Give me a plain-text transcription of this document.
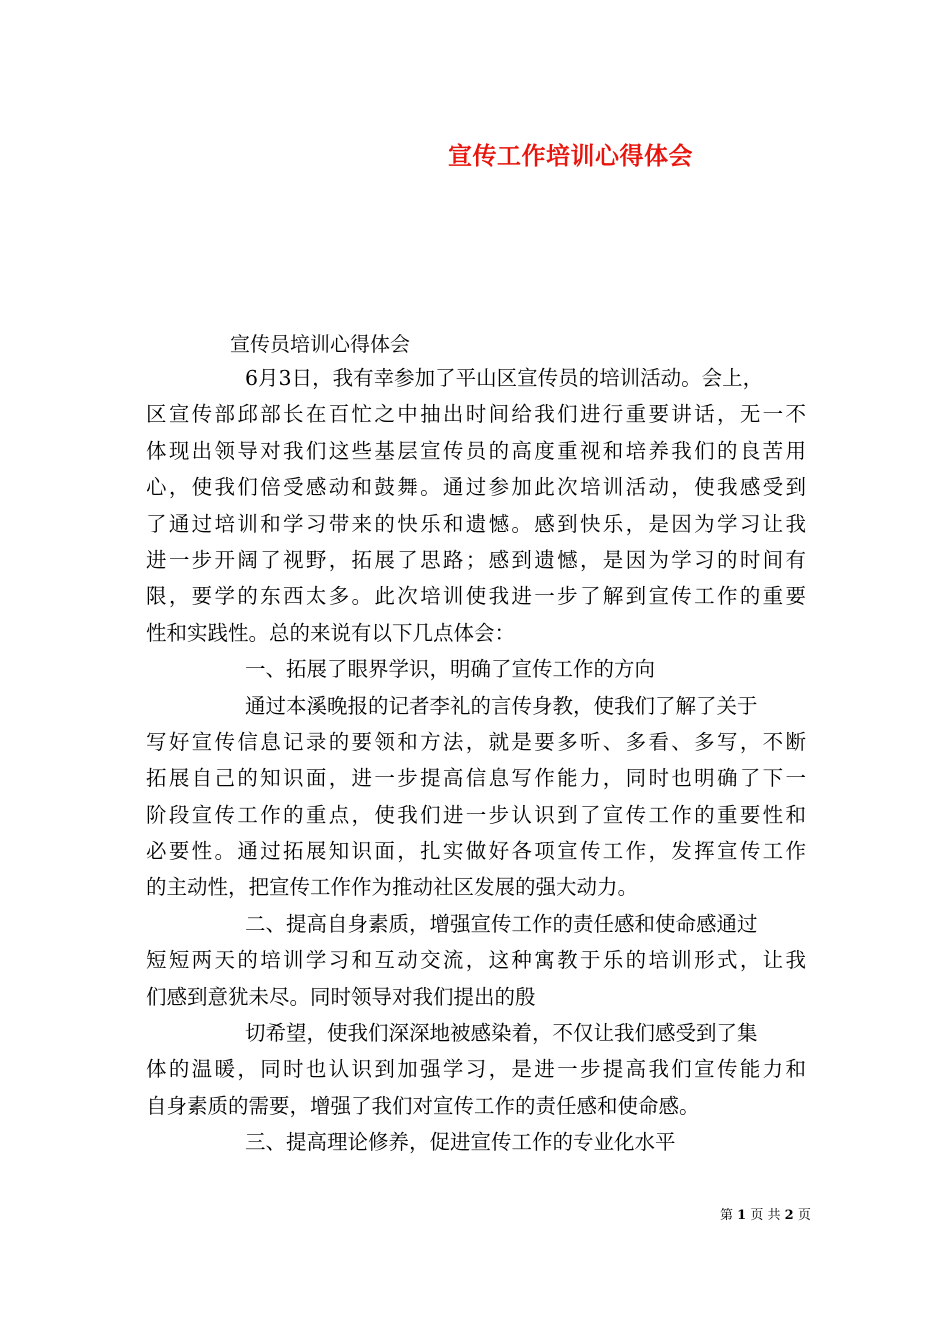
宣传工作培训心得体会
宣传员培训心得体会
6月3日，我有幸参加了平山区宣传员的培训活动。会上，
区宣传部邱部长在百忙之中抽出时间给我们进行重要讲话，无一不
体现出领导对我们这些基层宣传员的高度重视和培养我们的良苦用
心，使我们倍受感动和鼓舞。通过参加此次培训活动，使我感受到
了通过培训和学习带来的快乐和遗憾。感到快乐，是因为学习让我
进一步开阔了视野，拓展了思路；感到遗憾，是因为学习的时间有
限，要学的东西太多。此次培训使我进一步了解到宣传工作的重要
性和实践性。总的来说有以下几点体会：
一、拓展了眼界学识，明确了宣传工作的方向
通过本溪晚报的记者李礼的言传身教，使我们了解了关于
写好宣传信息记录的要领和方法，就是要多听、多看、多写，不断
拓展自己的知识面，进一步提高信息写作能力，同时也明确了下一
阶段宣传工作的重点，使我们进一步认识到了宣传工作的重要性和
必要性。通过拓展知识面，扎实做好各项宣传工作，发挥宣传工作
的主动性，把宣传工作作为推动社区发展的强大动力。
二、提高自身素质，增强宣传工作的责任感和使命感通过
短短两天的培训学习和互动交流，这种寓教于乐的培训形式，让我
们感到意犹未尽。同时领导对我们提出的殷
切希望，使我们深深地被感染着，不仅让我们感受到了集
体的温暖，同时也认识到加强学习，是进一步提高我们宣传能力和
自身素质的需要，增强了我们对宣传工作的责任感和使命感。
三、提高理论修养，促进宣传工作的专业化水平
第 1 页 共 2 页
